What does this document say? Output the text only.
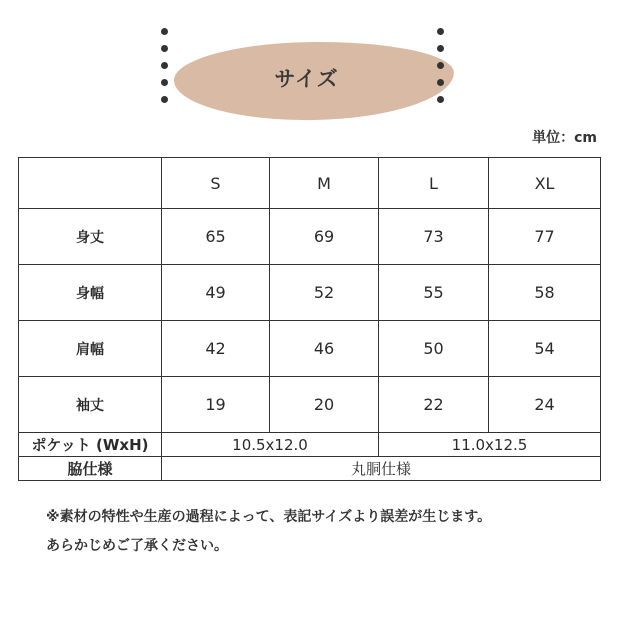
サイズ
単位：cm
	S	M	L	XL
身丈	65	69	73	77
身幅	49	52	55	58
肩幅	42	46	50	54
袖丈	19	20	22	24
ポケット (WxH)	10.5x12.0		11.0x12.5	
脇仕様	丸胴仕様			
※素材の特性や生産の過程によって、表記サイズより誤差が生じます。
あらかじめご了承ください。
